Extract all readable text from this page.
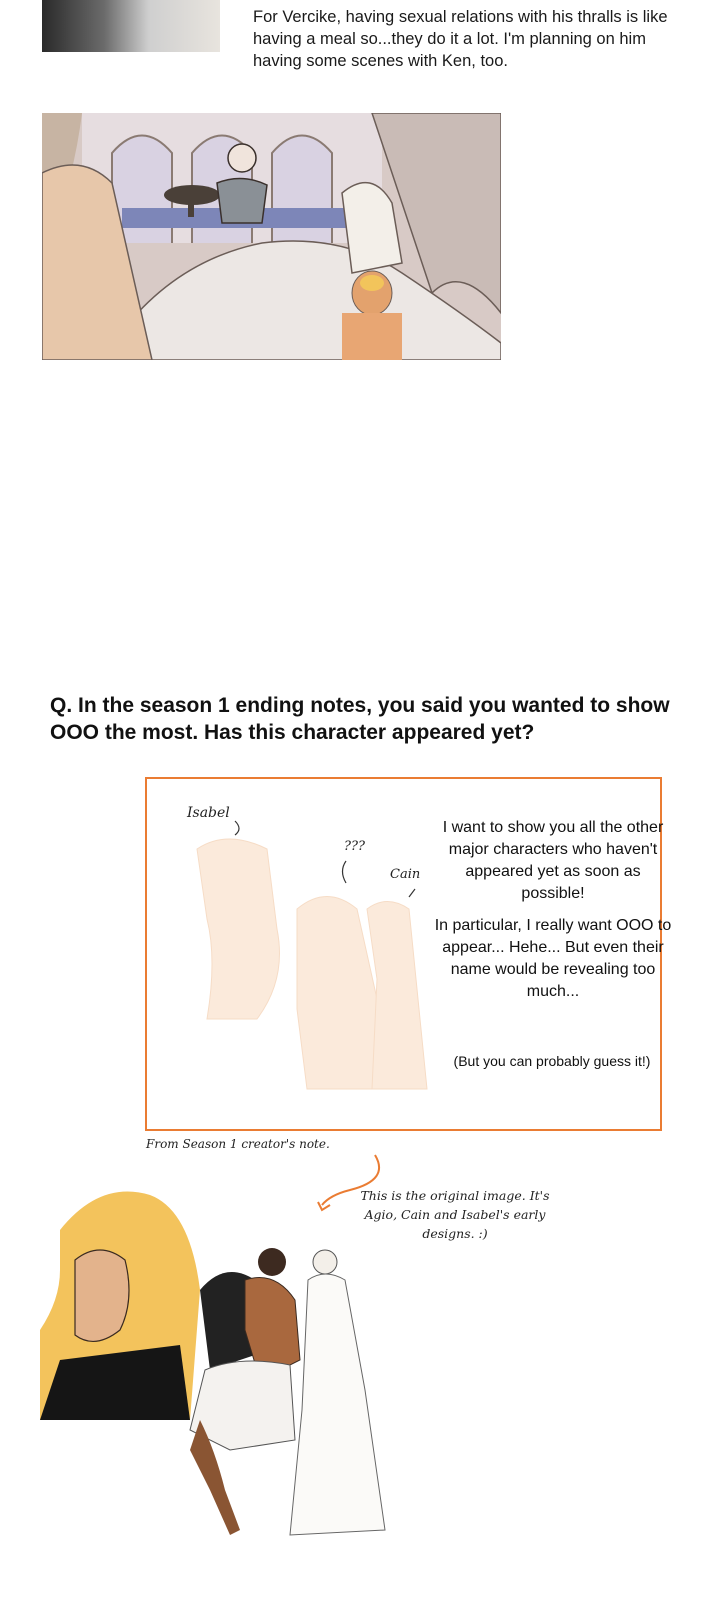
For Vercike, having sexual relations with his thralls is like having a meal so...they do it a lot. I'm planning on him having some scenes with Ken, too.
Q. In the season 1 ending notes, you said you wanted to show OOO the most. Has this character appeared yet?
Isabel
???
Cain

I want to show you all the other major characters who haven't appeared yet as soon as possible!

In particular, I really want OOO to appear... Hehe... But even their name would be revealing too much...

(But you can probably guess it!)
From Season 1 creator's note.
This is the original image. It's Agio, Cain and Isabel's early designs. :)
